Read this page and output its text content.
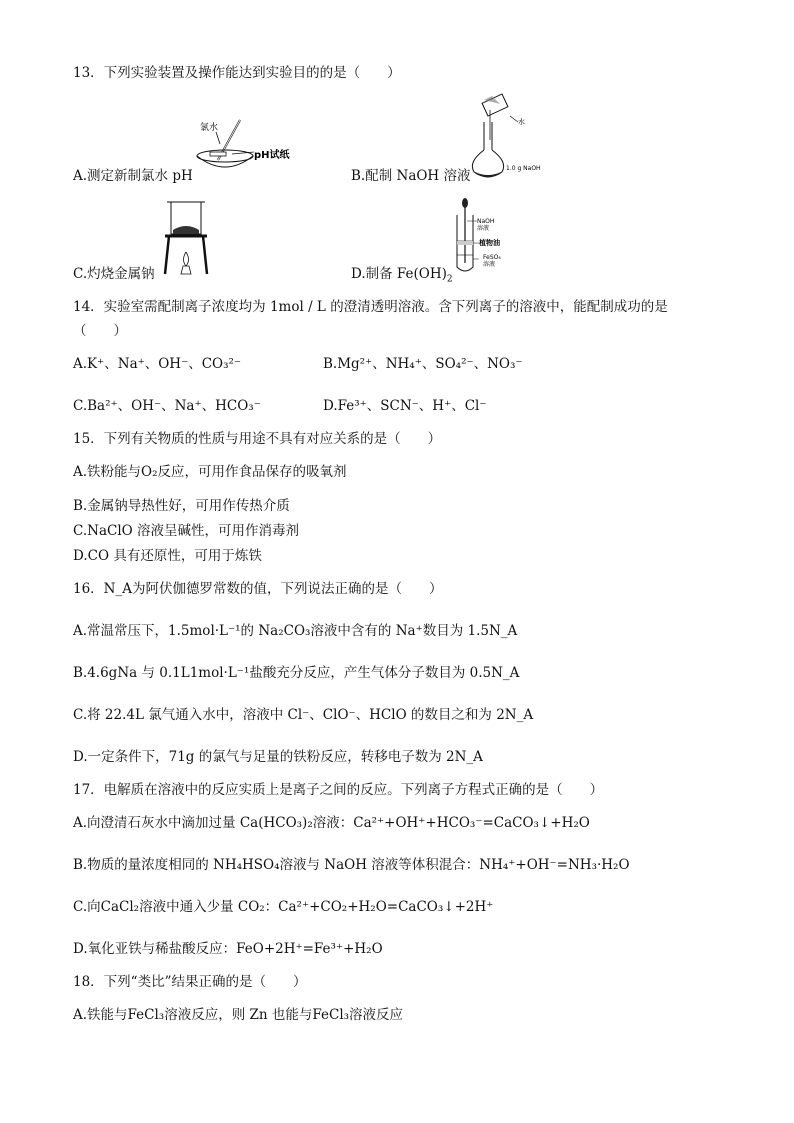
13．下列实验装置及操作能达到实验目的的是（　　）
氯水
pH试纸
A.测定新制氯水 pH
水
1.0 g NaOH
B.配制 NaOH 溶液
C.灼烧金属钠
NaOH
溶液
植物油
FeSO₄
溶液
D.制备 $Fe(OH)_2$
14．实验室需配制离子浓度均为 1mol / L 的澄清透明溶液。含下列离子的溶液中，能配制成功的是
（　　）
A.K⁺、Na⁺、OH⁻、CO₃²⁻	B.Mg²⁺、NH₄⁺、SO₄²⁻、NO₃⁻
C.Ba²⁺、OH⁻、Na⁺、HCO₃⁻	D.Fe³⁺、SCN⁻、H⁺、Cl⁻
15．下列有关物质的性质与用途不具有对应关系的是（　　）
A.铁粉能与O₂反应，可用作食品保存的吸氧剂
B.金属钠导热性好，可用作传热介质
C.NaClO 溶液呈碱性，可用作消毒剂
D.CO 具有还原性，可用于炼铁
16．N_A为阿伏伽德罗常数的值，下列说法正确的是（　　）
A.常温常压下，1.5mol·L⁻¹的 Na₂CO₃溶液中含有的 Na⁺数目为 1.5N_A
B.4.6gNa 与 0.1L1mol·L⁻¹盐酸充分反应，产生气体分子数目为 0.5N_A
C.将 22.4L 氯气通入水中，溶液中 Cl⁻、ClO⁻、HClO 的数目之和为 2N_A
D.一定条件下，71g 的氯气与足量的铁粉反应，转移电子数为 2N_A
17．电解质在溶液中的反应实质上是离子之间的反应。下列离子方程式正确的是（　　）
A.向澄清石灰水中滴加过量 Ca(HCO₃)₂溶液：Ca²⁺+OH⁺+HCO₃⁻=CaCO₃↓+H₂O
B.物质的量浓度相同的 NH₄HSO₄溶液与 NaOH 溶液等体积混合：NH₄⁺+OH⁻=NH₃·H₂O
C.向CaCl₂溶液中通入少量 CO₂：Ca²⁺+CO₂+H₂O=CaCO₃↓+2H⁺
D.氧化亚铁与稀盐酸反应：FeO+2H⁺=Fe³⁺+H₂O
18．下列“类比”结果正确的是（　　）
A.铁能与FeCl₃溶液反应，则 Zn 也能与FeCl₃溶液反应
